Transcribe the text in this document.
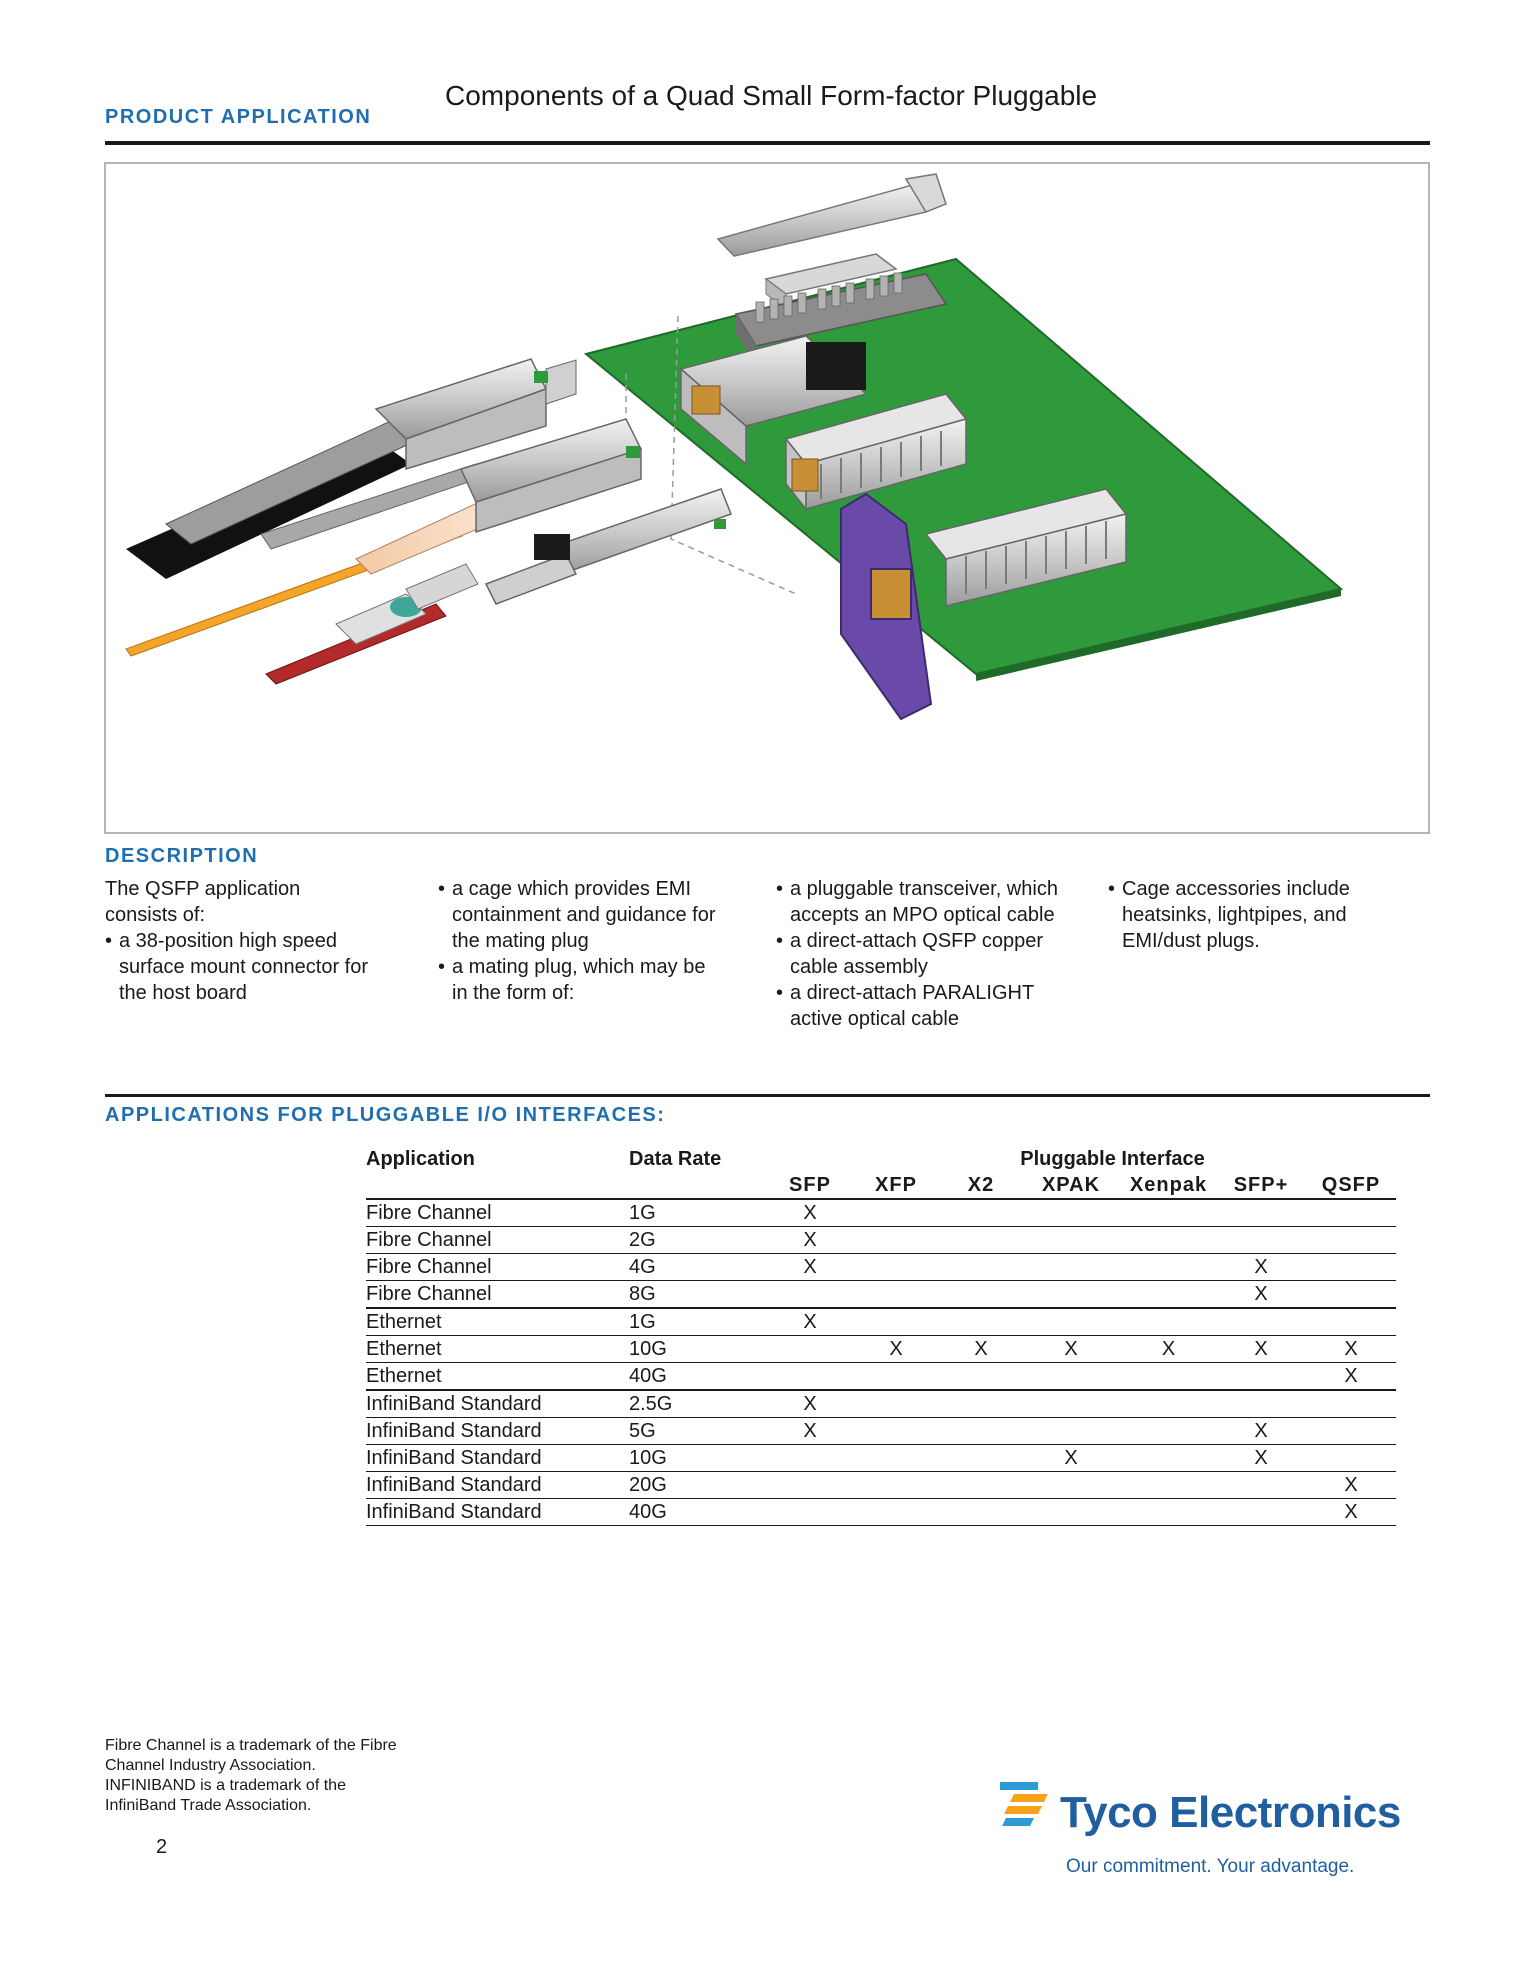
PRODUCT APPLICATION
Components of a Quad Small Form-factor Pluggable
DESCRIPTION
The QSFP application
consists of:
• a 38-position high speed
surface mount connector for
the host board
• a cage which provides EMI
containment and guidance for
the mating plug
• a mating plug, which may be
in the form of:
• a pluggable transceiver, which
accepts an MPO optical cable
• a direct-attach QSFP copper
cable assembly
• a direct-attach PARALIGHT
active optical cable
• Cage accessories include
heatsinks, lightpipes, and
EMI/dust plugs.
APPLICATIONS FOR PLUGGABLE I/O INTERFACES:
Application	Data Rate	Pluggable Interface						
		SFP	XFP	X2	XPAK	Xenpak	SFP+	QSFP
Fibre Channel	1G	X						
Fibre Channel	2G	X						
Fibre Channel	4G	X					X	
Fibre Channel	8G						X	
Ethernet	1G	X						
Ethernet	10G		X	X	X	X	X	X
Ethernet	40G							X
InfiniBand Standard	2.5G	X						
InfiniBand Standard	5G	X					X	
InfiniBand Standard	10G				X		X	
InfiniBand Standard	20G							X
InfiniBand Standard	40G							X
Fibre Channel is a trademark of the Fibre
Channel Industry Association.
INFINIBAND is a trademark of the
InfiniBand Trade Association.
2
Tyco Electronics
Our commitment. Your advantage.
